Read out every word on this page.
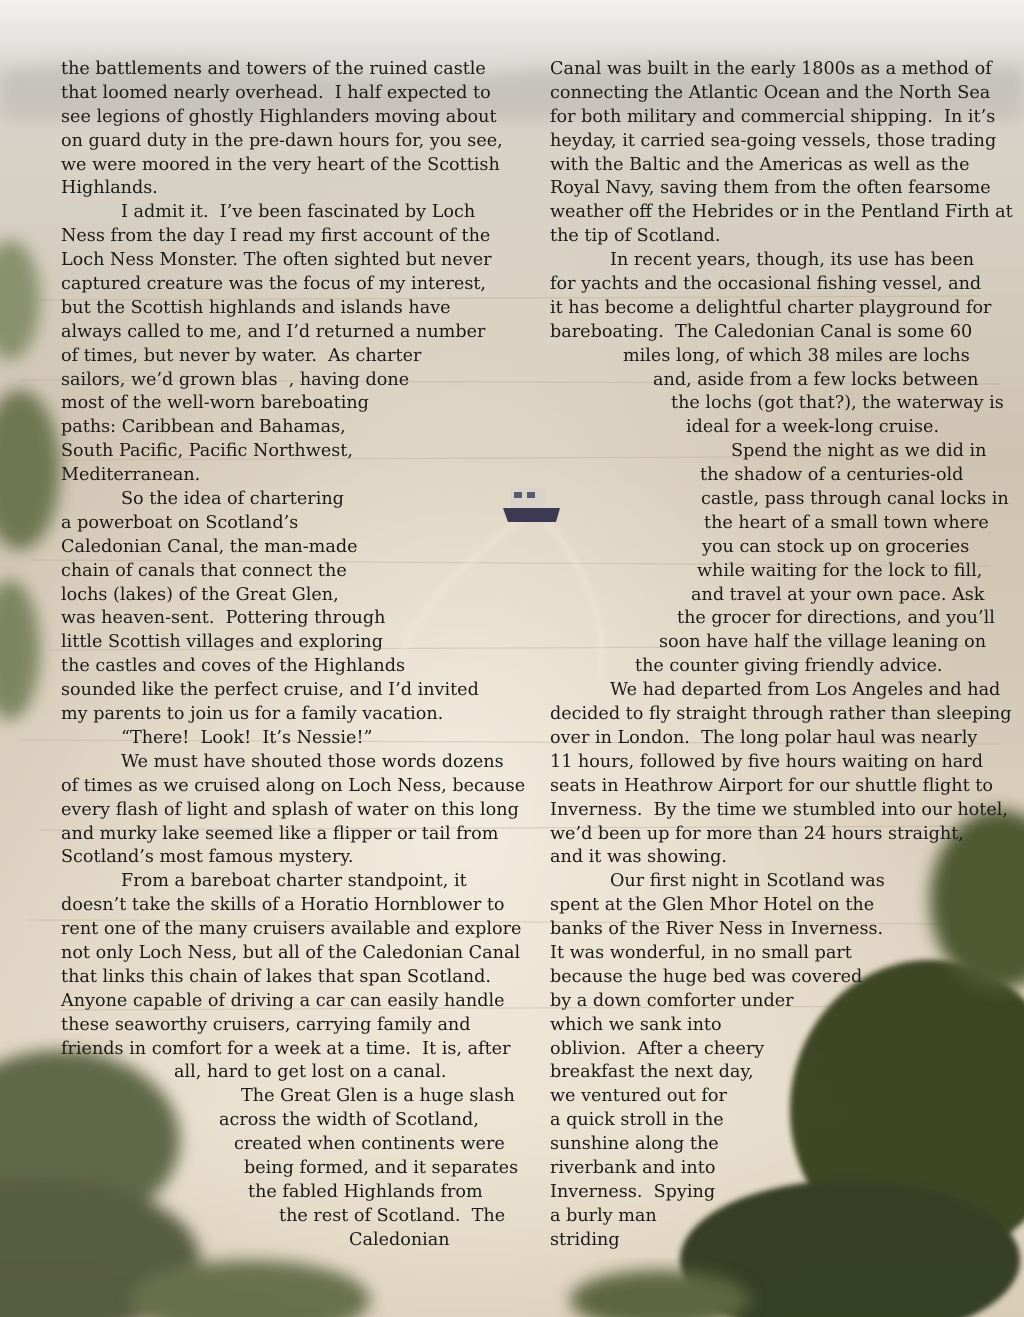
the battlements and towers of the ruined castle
that loomed nearly overhead.  I half expected to
see legions of ghostly Highlanders moving about
on guard duty in the pre-dawn hours for, you see,
we were moored in the very heart of the Scottish
Highlands.
I admit it.  I’ve been fascinated by Loch
Ness from the day I read my first account of the
Loch Ness Monster. The often sighted but never
captured creature was the focus of my interest,
but the Scottish highlands and islands have
always called to me, and I’d returned a number
of times, but never by water.  As charter
sailors, we’d grown blas  , having done
most of the well-worn bareboating
paths: Caribbean and Bahamas,
South Pacific, Pacific Northwest,
Mediterranean.
So the idea of chartering
a powerboat on Scotland’s
Caledonian Canal, the man-made
chain of canals that connect the
lochs (lakes) of the Great Glen,
was heaven-sent.  Pottering through
little Scottish villages and exploring
the castles and coves of the Highlands
sounded like the perfect cruise, and I’d invited
my parents to join us for a family vacation.
“There!  Look!  It’s Nessie!”
We must have shouted those words dozens
of times as we cruised along on Loch Ness, because
every flash of light and splash of water on this long
and murky lake seemed like a flipper or tail from
Scotland’s most famous mystery.
From a bareboat charter standpoint, it
doesn’t take the skills of a Horatio Hornblower to
rent one of the many cruisers available and explore
not only Loch Ness, but all of the Caledonian Canal
that links this chain of lakes that span Scotland.
Anyone capable of driving a car can easily handle
these seaworthy cruisers, carrying family and
friends in comfort for a week at a time.  It is, after
all, hard to get lost on a canal.
The Great Glen is a huge slash
across the width of Scotland,
created when continents were
being formed, and it separates
the fabled Highlands from
the rest of Scotland.  The
Caledonian
Canal was built in the early 1800s as a method of
connecting the Atlantic Ocean and the North Sea
for both military and commercial shipping.  In it’s
heyday, it carried sea-going vessels, those trading
with the Baltic and the Americas as well as the
Royal Navy, saving them from the often fearsome
weather off the Hebrides or in the Pentland Firth at
the tip of Scotland.
In recent years, though, its use has been
for yachts and the occasional fishing vessel, and
it has become a delightful charter playground for
bareboating.  The Caledonian Canal is some 60
miles long, of which 38 miles are lochs
and, aside from a few locks between
the lochs (got that?), the waterway is
ideal for a week-long cruise.
Spend the night as we did in
the shadow of a centuries-old
castle, pass through canal locks in
the heart of a small town where
you can stock up on groceries
while waiting for the lock to fill,
and travel at your own pace. Ask
the grocer for directions, and you’ll
soon have half the village leaning on
the counter giving friendly advice.
We had departed from Los Angeles and had
decided to fly straight through rather than sleeping
over in London.  The long polar haul was nearly
11 hours, followed by five hours waiting on hard
seats in Heathrow Airport for our shuttle flight to
Inverness.  By the time we stumbled into our hotel,
we’d been up for more than 24 hours straight,
and it was showing.
Our first night in Scotland was
spent at the Glen Mhor Hotel on the
banks of the River Ness in Inverness.
It was wonderful, in no small part
because the huge bed was covered
by a down comforter under
which we sank into
oblivion.  After a cheery
breakfast the next day,
we ventured out for
a quick stroll in the
sunshine along the
riverbank and into
Inverness.  Spying
a burly man
striding
